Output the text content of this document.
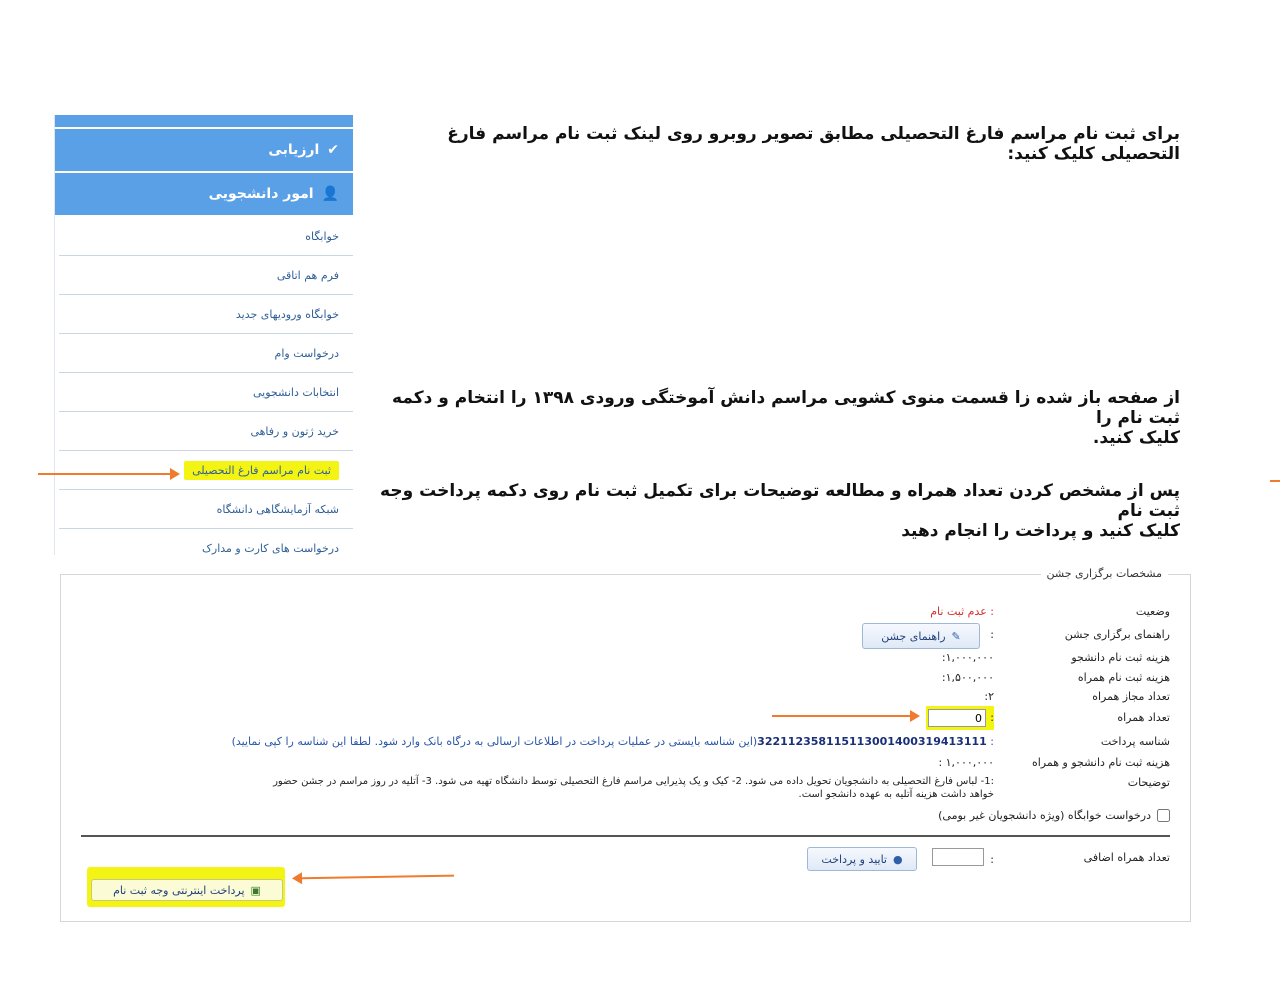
برای ثبت نام مراسم فارغ التحصیلی مطابق تصویر روبرو روی لینک ثبت نام مراسم فارغ التحصیلی کلیک کنید:
از صفحه باز شده زا قسمت منوی کشویی مراسم دانش آموختگی ورودی ۱۳۹۸ را انتخام و دکمه ثبت نام را
کلیک کنید.
پس از مشخص کردن تعداد همراه و مطالعه توضیحات برای تکمیل ثبت نام روی دکمه پرداخت وجه ثبت نام
کلیک کنید و پرداخت را انجام دهید
✔
ارزیابی
👤
امور دانشجویی
خوابگاه
فرم هم اتاقی
خوابگاه ورودیهای جدید
درخواست وام
انتخابات دانشجویی
خرید ژتون و رفاهی
ثبت نام مراسم فارغ التحصیلی
شبکه آزمایشگاهی دانشگاه
درخواست های کارت و مدارک
مشخصات برگزاری جشن
وضعیت
: عدم ثبت نام
راهنمای برگزاری جشن
:
✎
راهنمای جشن
هزینه ثبت نام دانشجو
۱,۰۰۰,۰۰۰:
هزینه ثبت نام همراه
۱,۵۰۰,۰۰۰:
تعداد مجاز همراه
۲:
تعداد همراه
:
0
شناسه پرداخت
: 322112358115113001400319413111(این شناسه بایستی در عملیات پرداخت در اطلاعات ارسالی به درگاه بانک وارد شود. لطفا این شناسه را کپی نمایید)
هزینه ثبت نام دانشجو و همراه
۱,۰۰۰,۰۰۰ :
توضیحات
:1- لباس فارغ التحصیلی به دانشجویان تحویل داده می شود. 2- کیک و یک پذیرایی مراسم فارغ التحصیلی توسط دانشگاه تهیه می شود. 3- آتلیه در روز مراسم در جشن حضور
خواهد داشت هزینه آتلیه به عهده دانشجو است.
درخواست خوابگاه (ویژه دانشجویان غیر بومی)
تعداد همراه اضافی
:
●
تایید و پرداخت
▣
پرداخت اینترنتی وجه ثبت نام
